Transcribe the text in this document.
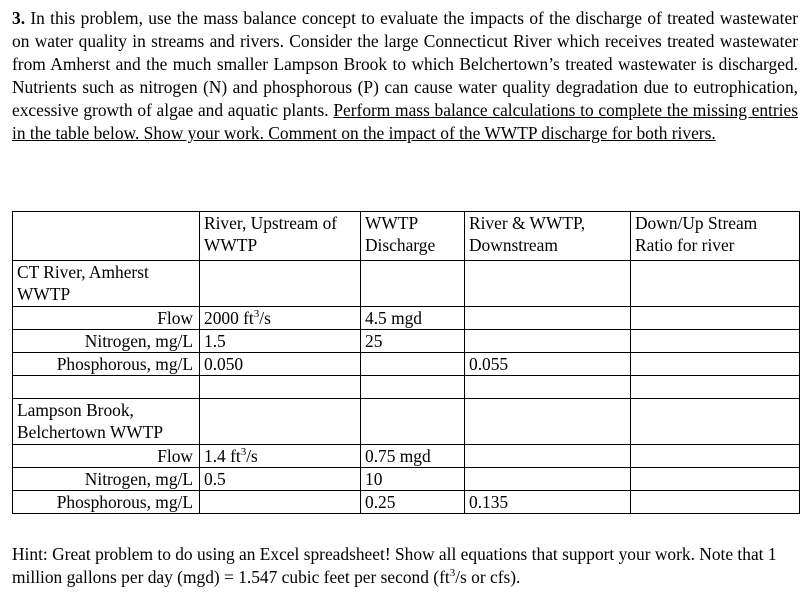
3. In this problem, use the mass balance concept to evaluate the impacts of the discharge of treated wastewater on water quality in streams and rivers. Consider the large Connecticut River which receives treated wastewater from Amherst and the much smaller Lampson Brook to which Belchertown’s treated wastewater is discharged. Nutrients such as nitrogen (N) and phosphorous (P) can cause water quality degradation due to eutrophication, excessive growth of algae and aquatic plants. Perform mass balance calculations to complete the missing entries in the table below. Show your work. Comment on the impact of the WWTP discharge for both rivers.

	River, Upstream of WWTP	WWTP Discharge	River & WWTP, Downstream	Down/Up Stream Ratio for river
CT River, Amherst WWTP				
Flow	2000 $ft^3/s$	4.5 mgd		
Nitrogen, mg/L	1.5	25		
Phosphorous, mg/L	0.050		0.055	

Lampson Brook, Belchertown WWTP				
Flow	1.4 $ft^3/s$	0.75 mgd		
Nitrogen, mg/L	0.5	10		
Phosphorous, mg/L		0.25	0.135	

Hint: Great problem to do using an Excel spreadsheet! Show all equations that support your work. Note that 1 million gallons per day (mgd) = 1.547 cubic feet per second ($ft^3/s$ or cfs).
